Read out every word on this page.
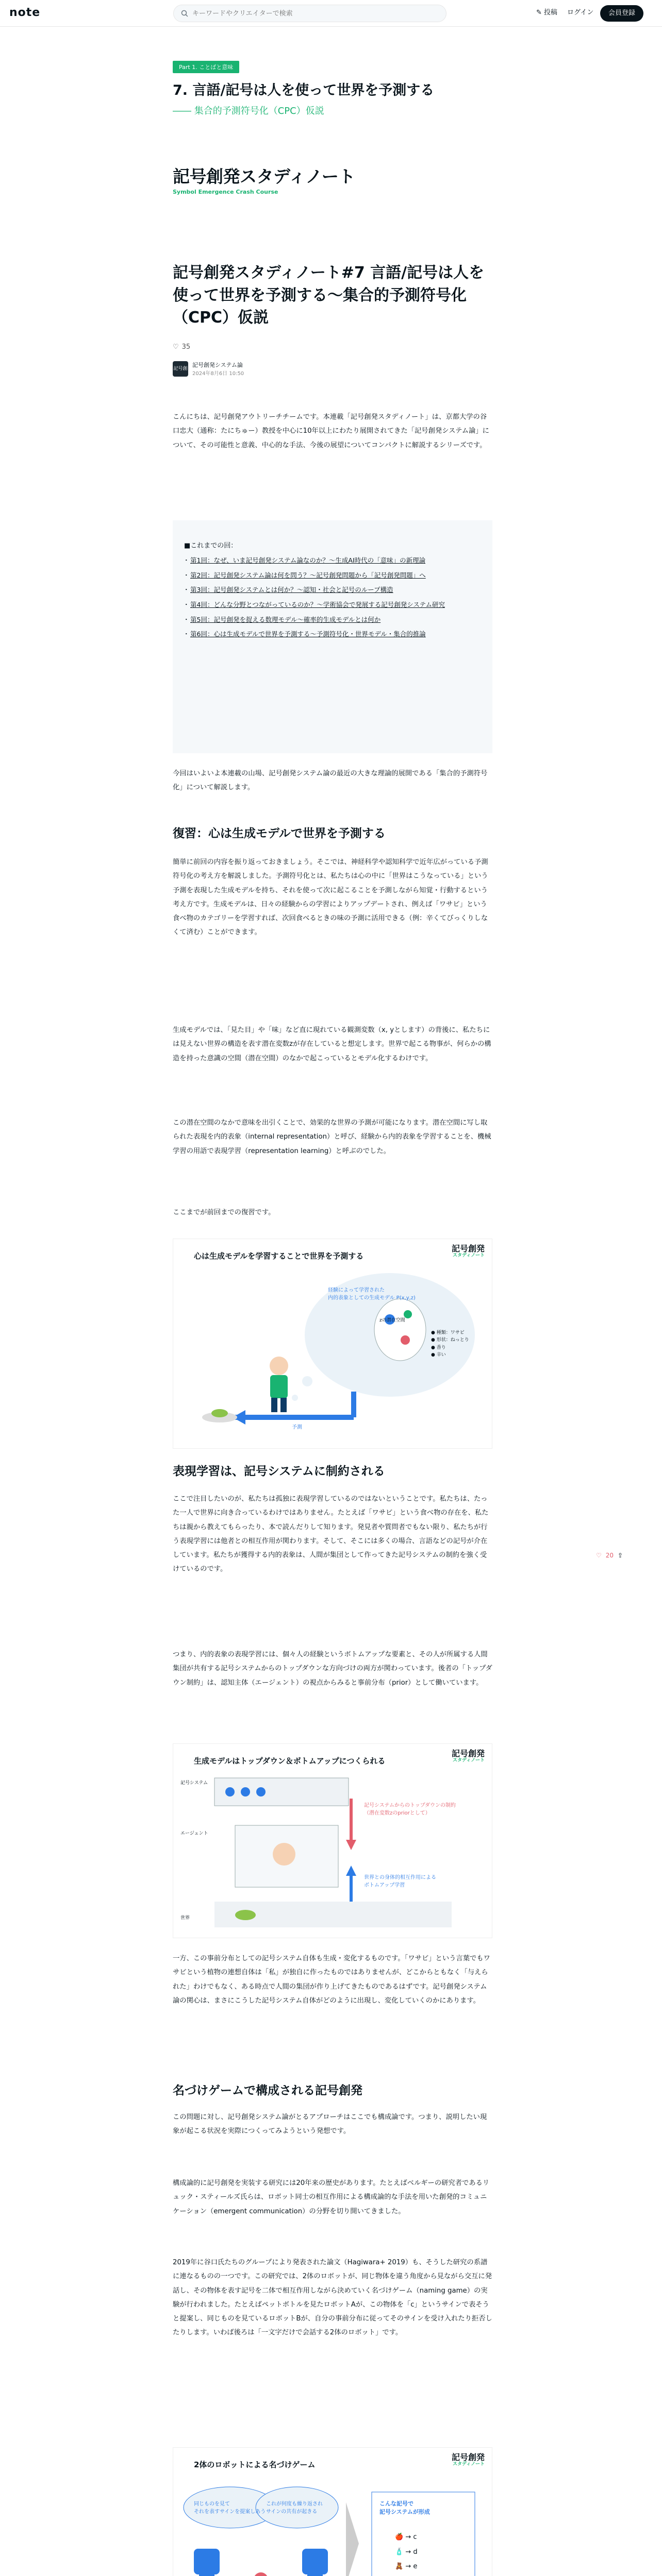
note
キーワードやクリエイターで検索	✎ 投稿 ログイン	会員登録
Part 1. ことばと意味
7. 言語/記号は人を使って世界を予測する
―― 集合的予測符号化（CPC）仮説
記号創発スタディノート
Symbol Emergence Crash Course
記号創発スタディノート#7 言語/記号は人を使って世界を予測する〜集合的予測符号化（CPC）仮説
♡ 35
記号創発
記号創発システム論
2024年8月6日 10:50

こんにちは、記号創発アウトリーチチームです。本連載「記号創発スタディノート」は、京都大学の谷口忠大（通称：たにちゅー）教授を中心に10年以上にわたり展開されてきた「記号創発システム論」について、その可能性と意義、中心的な手法、今後の展望についてコンパクトに解説するシリーズです。

■これまでの回：
・ 第1回：なぜ、いま記号創発システム論なのか？〜生成AI時代の「意味」の新理論
・ 第2回：記号創発システム論は何を問う？〜記号創発問題から「記号創発問題」へ
・ 第3回：記号創発システムとは何か？〜認知・社会と記号のループ構造
・ 第4回：どんな分野とつながっているのか？〜学術協会で発展する記号創発システム研究
・ 第5回：記号創発を捉える数理モデル〜確率的生成モデルとは何か
・ 第6回：心は生成モデルで世界を予測する〜予測符号化・世界モデル・集合的推論

今回はいよいよ本連載の山場、記号創発システム論の最近の大きな理論的展開である「集合的予測符号化」について解説します。

復習：心は生成モデルで世界を予測する

簡単に前回の内容を振り返っておきましょう。そこでは、神経科学や認知科学で近年広がっている予測符号化の考え方を解説しました。予測符号化とは、私たちは心の中に「世界はこうなっている」という予測を表現した生成モデルを持ち、それを使って次に起こることを予測しながら知覚・行動するという考え方です。生成モデルは、日々の経験からの学習によりアップデートされ、例えば「ワサビ」という食べ物のカテゴリーを学習すれば、次回食べるときの味の予測に活用できる（例：辛くてびっくりしなくて済む）ことができます。

生成モデルでは、「見た目」や「味」など直に現れている観測変数（x, yとします）の背後に、私たちには見えない世界の構造を表す潜在変数zが存在していると想定します。世界で起こる物事が、何らかの構造を持った意識の空間（潜在空間）のなかで起こっているとモデル化するわけです。

この潜在空間のなかで意味を出引くことで、効果的な世界の予測が可能になります。潜在空間に写し取られた表現を内的表象（internal representation）と呼び、経験から内的表象を学習することを、機械学習の用語で表現学習（representation learning）と呼ぶのでした。

ここまでが前回までの復習です。

心は生成モデルを学習することで世界を予測する
記号創発
スタディノート
経験によって学習された
内的表象としての生成モデル P(x,y,z)
zの潜在空間
● 種類：ワサビ
● 形状：ねっとり
● 香り
● 辛い
予測
表現学習は、記号システムに制約される

ここで注目したいのが、私たちは孤独に表現学習しているのではないということです。私たちは、たった一人で世界に向き合っているわけではありません。たとえば「ワサビ」という食べ物の存在を、私たちは親から教えてもらったり、本で読んだりして知ります。発見者や質問者でもない限り、私たちが行う表現学習には他者との相互作用が関わります。そして、そこには多くの場合、言語などの記号が介在しています。私たちが獲得する内的表象は、人間が集団として作ってきた記号システムの制約を強く受けているのです。

つまり、内的表象の表現学習には、個々人の経験というボトムアップな要素と、その人が所属する人間集団が共有する記号システムからのトップダウンな方向づけの両方が関わっています。後者の「トップダウン制約」は、認知主体（エージェント）の視点からみると事前分布（prior）として働いています。

生成モデルはトップダウン＆ボトムアップにつくられる
記号創発
スタディノート
記号システム
エージェント
世界
記号システムからのトップダウンの制約
（潜在変数zのpriorとして）
世界との身体的相互作用による
ボトムアップ学習

一方、この事前分布としての記号システム自体も生成・変化するものです。「ワサビ」という言葉でもワサビという植物の連想自体は「私」が独自に作ったものではありませんが、どこからともなく「与えられた」わけでもなく、ある時点で人間の集団が作り上げてきたものであるはずです。記号創発システム論の関心は、まさにこうした記号システム自体がどのように出現し、変化していくのかにあります。

名づけゲームで構成される記号創発

この問題に対し、記号創発システム論がとるアプローチはここでも構成論です。つまり、説明したい現象が起こる状況を実際につくってみようという発想です。

構成論的に記号創発を実装する研究には20年来の歴史があります。たとえばベルギーの研究者であるリュック・スティールズ氏らは、ロボット同士の相互作用による構成論的な手法を用いた創発的コミュニケーション（emergent communication）の分野を切り開いてきました。

2019年に谷口氏たちのグループにより発表された論文（Hagiwara+ 2019）も、そうした研究の系譜に連なるものの一つです。この研究では、2体のロボットが、同じ物体を違う角度から見ながら交互に発話し、その物体を表す記号を二体で相互作用しながら決めていく名づけゲーム（naming game）の実験が行われました。たとえばペットボトルを見たロボットAが、この物体を「c」というサインで表そうと提案し、同じものを見ているロボットBが、自分の事前分布に従ってそのサインを受け入れたり拒否したりします。いわば後ろは「一文字だけで会話する2体のロボット」です。

2体のロボットによる名づけゲーム
記号創発
スタディノート
同じものを見て
それを表すサインを提案しあう
これが何度も繰り返され
サインの共有が起きる
こんな記号で
記号システムが形成
🍎 → c
🧴 → d
🧸 → e

♡ 20 ⇪
